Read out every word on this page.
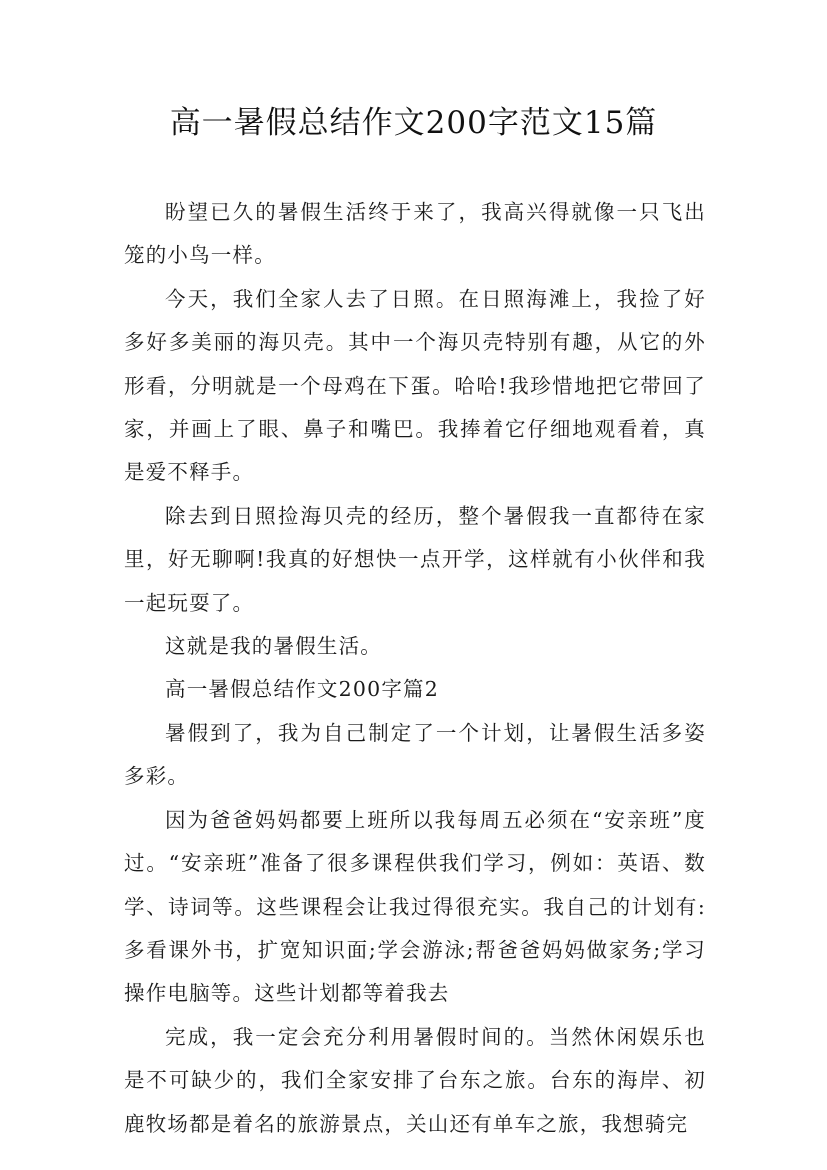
高一暑假总结作文200字范文15篇

盼望已久的暑假生活终于来了，我高兴得就像一只飞出笼的小鸟一样。

今天，我们全家人去了日照。在日照海滩上，我捡了好多好多美丽的海贝壳。其中一个海贝壳特别有趣，从它的外形看，分明就是一个母鸡在下蛋。哈哈!我珍惜地把它带回了家，并画上了眼、鼻子和嘴巴。我捧着它仔细地观看着，真是爱不释手。

除去到日照捡海贝壳的经历，整个暑假我一直都待在家里，好无聊啊!我真的好想快一点开学，这样就有小伙伴和我一起玩耍了。

这就是我的暑假生活。

高一暑假总结作文200字篇2

暑假到了，我为自己制定了一个计划，让暑假生活多姿多彩。

因为爸爸妈妈都要上班所以我每周五必须在“安亲班”度过。“安亲班”准备了很多课程供我们学习，例如：英语、数学、诗词等。这些课程会让我过得很充实。我自己的计划有:多看课外书，扩宽知识面;学会游泳;帮爸爸妈妈做家务;学习操作电脑等。这些计划都等着我去

完成，我一定会充分利用暑假时间的。当然休闲娱乐也是不可缺少的，我们全家安排了台东之旅。台东的海岸、初鹿牧场都是着名的旅游景点，关山还有单车之旅，我想骑完
